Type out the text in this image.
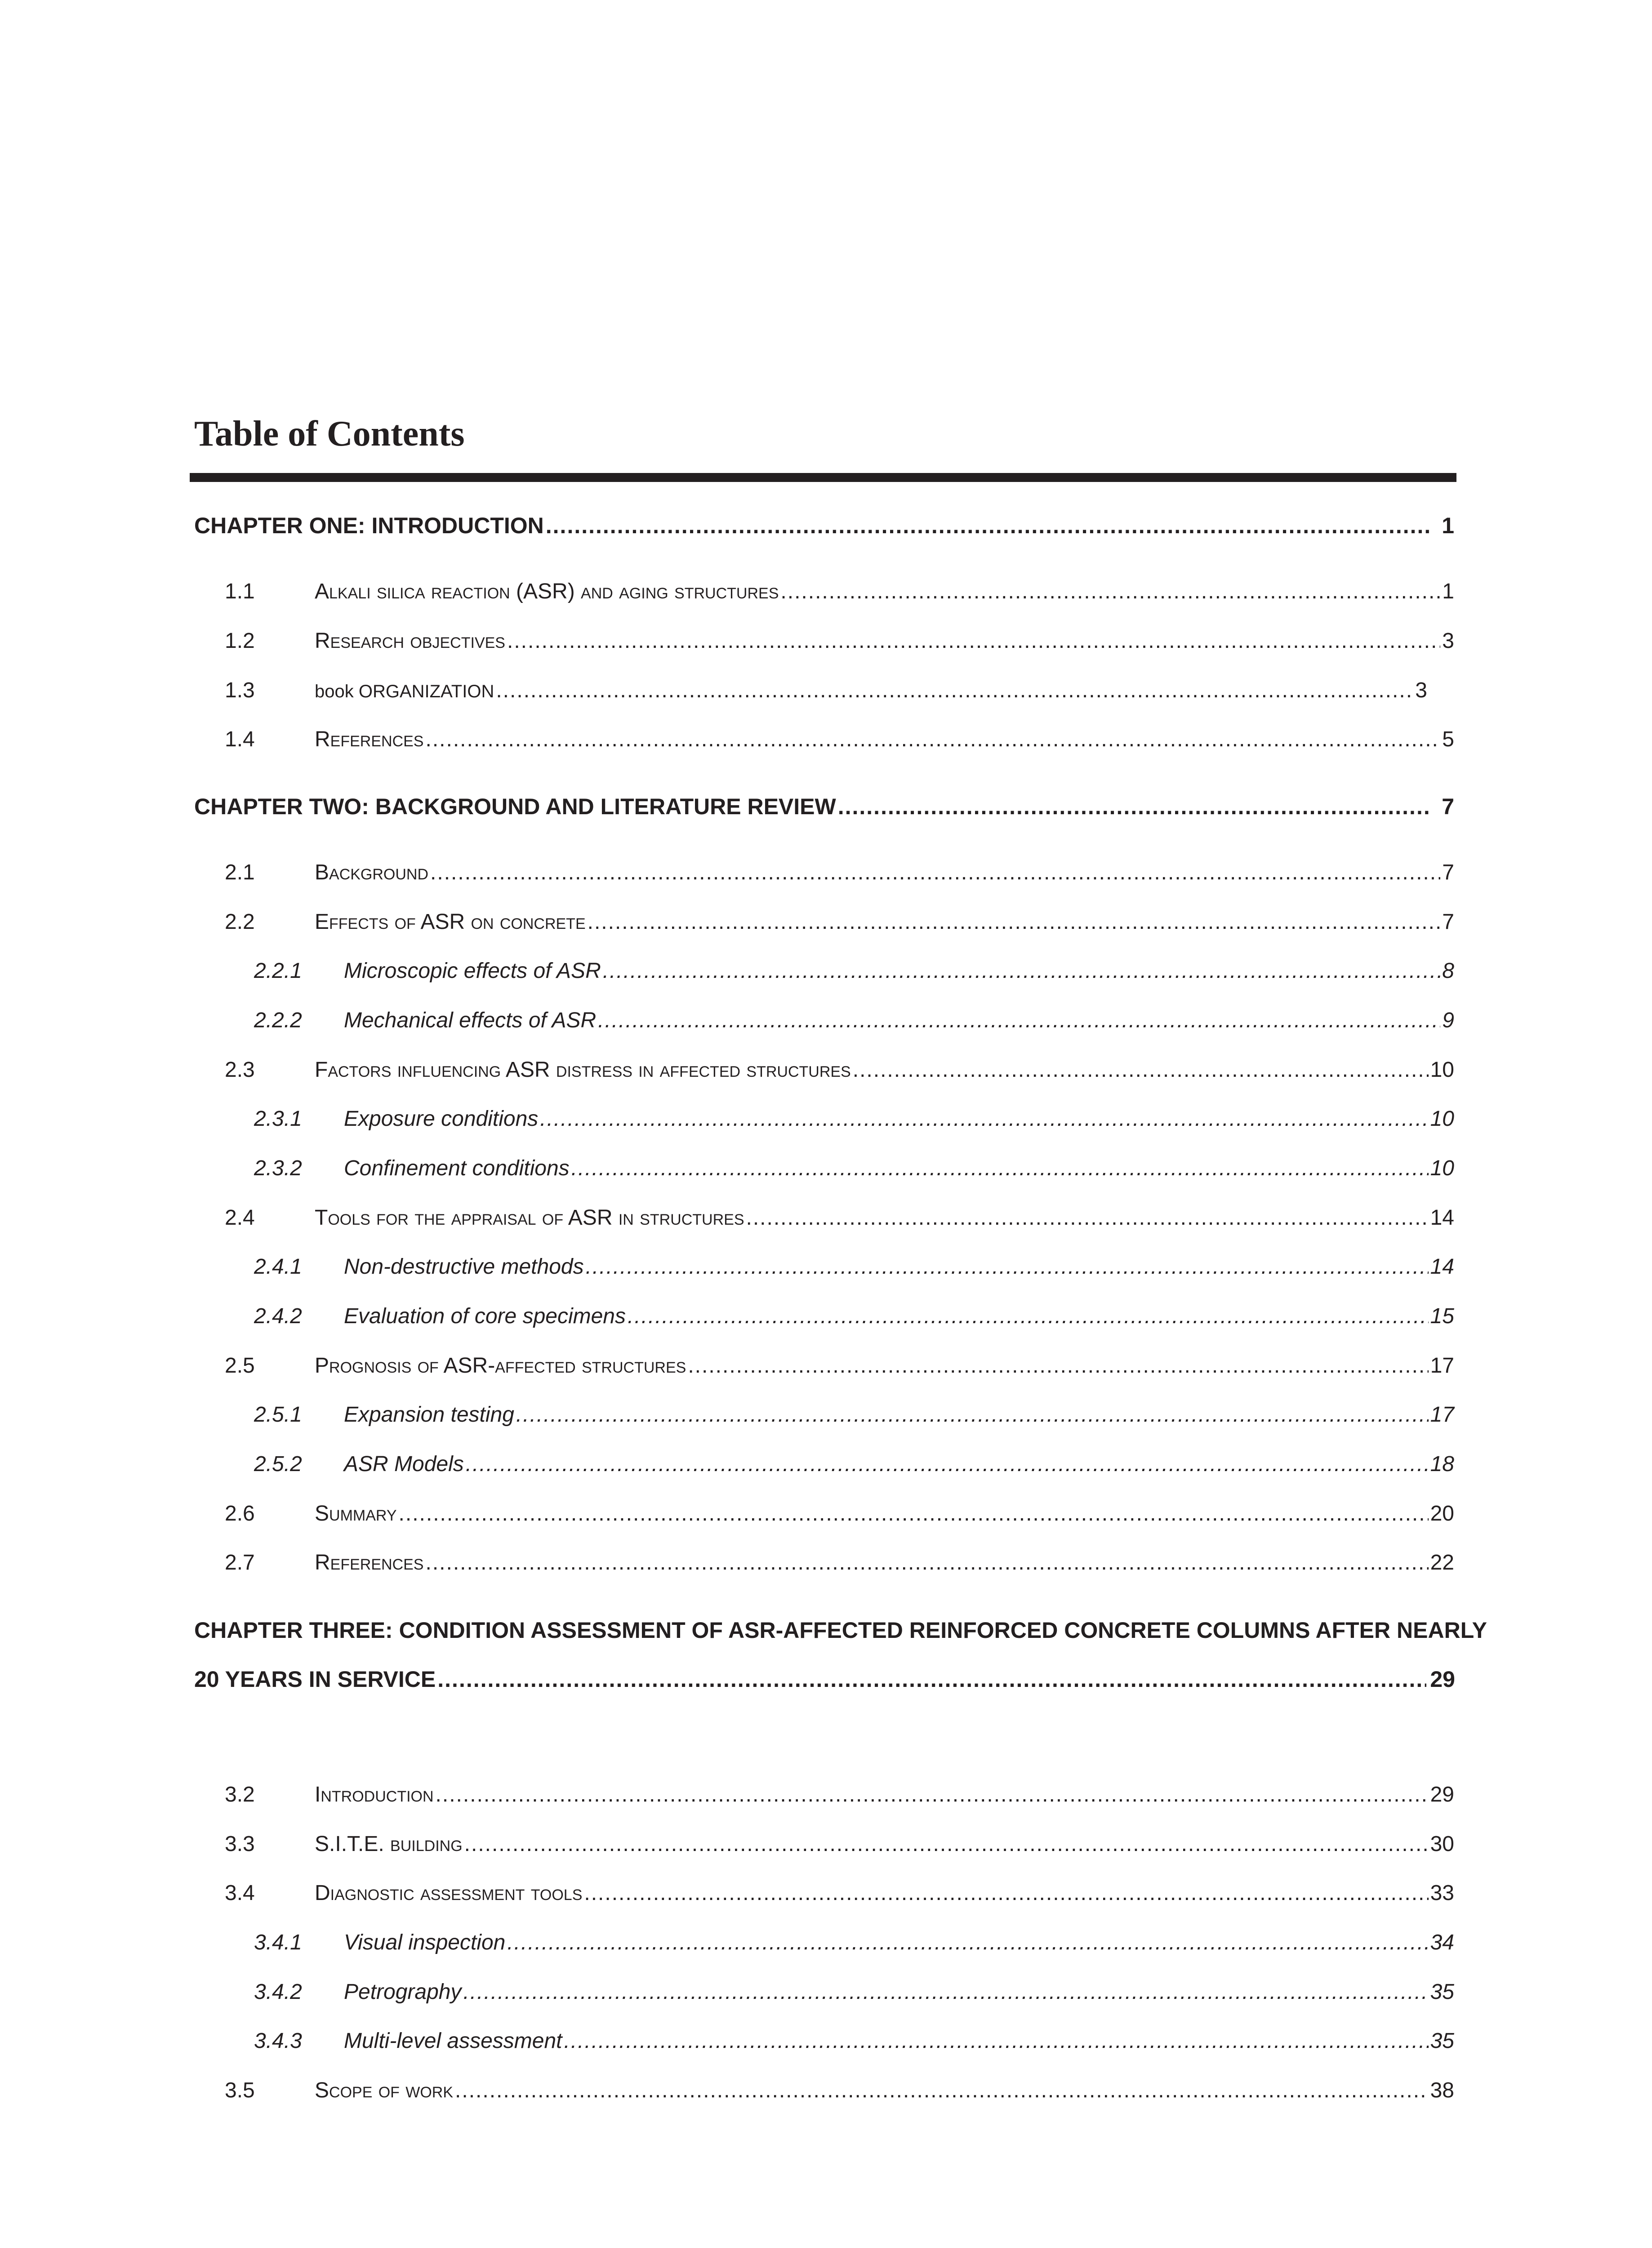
Table of Contents
CHAPTER ONE: INTRODUCTION .....	1
1.1	Alkali silica reaction (ASR) and aging structures .....	1
1.2	Research objectives .....	3
1.3	book ORGANIZATION .....	3
1.4	References .....	5
CHAPTER TWO: BACKGROUND AND LITERATURE REVIEW .....	7
2.1	Background .....	7
2.2	Effects of ASR on concrete .....	7
2.2.1	Microscopic effects of ASR .....	8
2.2.2	Mechanical effects of ASR .....	9
2.3	Factors influencing ASR distress in affected structures .....	10
2.3.1	Exposure conditions .....	10
2.3.2	Confinement conditions .....	10
2.4	Tools for the appraisal of ASR in structures .....	14
2.4.1	Non-destructive methods .....	14
2.4.2	Evaluation of core specimens .....	15
2.5	Prognosis of ASR-affected structures .....	17
2.5.1	Expansion testing .....	17
2.5.2	ASR Models .....	18
2.6	Summary .....	20
2.7	References .....	22
CHAPTER THREE: CONDITION ASSESSMENT OF ASR-AFFECTED REINFORCED CONCRETE COLUMNS AFTER NEARLY
20 YEARS IN SERVICE .....	29
3.2	Introduction .....	29
3.3	S.I.T.E. building .....	30
3.4	Diagnostic assessment tools .....	33
3.4.1	Visual inspection .....	34
3.4.2	Petrography .....	35
3.4.3	Multi-level assessment .....	35
3.5	Scope of work .....	38
